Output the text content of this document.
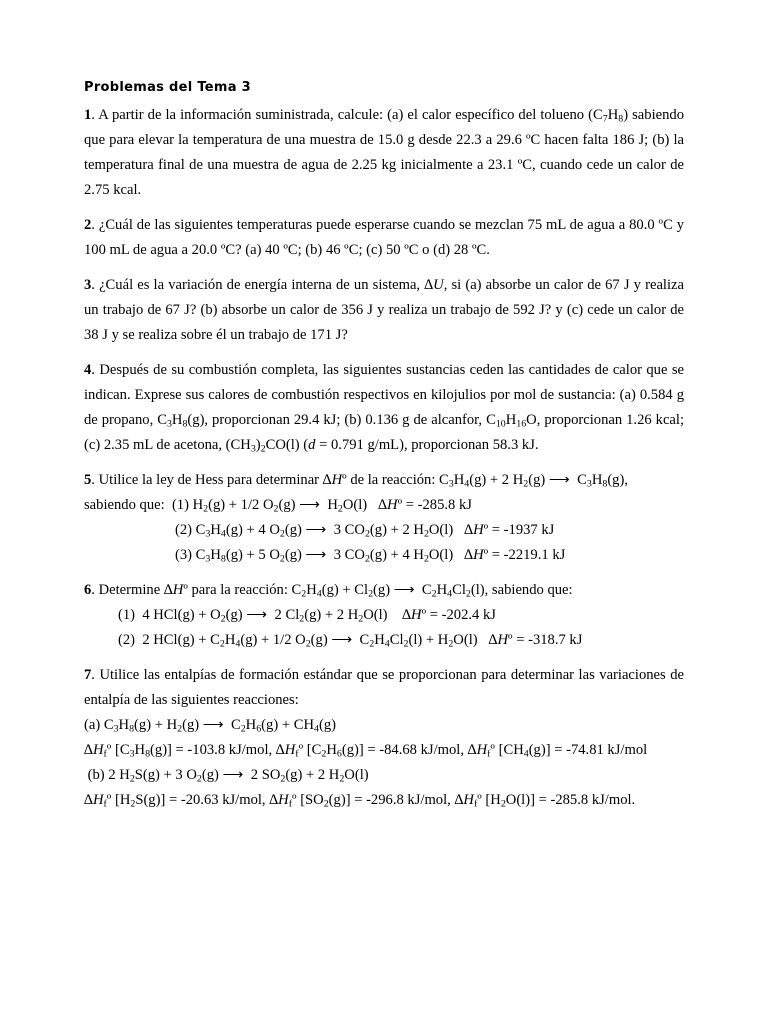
Problemas del Tema 3

1. A partir de la información suministrada, calcule: (a) el calor específico del tolueno $(C_7H_8)$ sabiendo que para elevar la temperatura de una muestra de 15.0 g desde 22.3 a 29.6 ºC hacen falta 186 J; (b) la temperatura final de una muestra de agua de 2.25 kg inicialmente a 23.1 ºC, cuando cede un calor de 2.75 kcal.

2. ¿Cuál de las siguientes temperaturas puede esperarse cuando se mezclan 75 mL de agua a 80.0 ºC y 100 mL de agua a 20.0 ºC? (a) 40 ºC; (b) 46 ºC; (c) 50 ºC o (d) 28 ºC.

3. ¿Cuál es la variación de energía interna de un sistema, ∆U, si (a) absorbe un calor de 67 J y realiza un trabajo de 67 J? (b) absorbe un calor de 356 J y realiza un trabajo de 592 J? y (c) cede un calor de 38 J y se realiza sobre él un trabajo de 171 J?

4. Después de su combustión completa, las siguientes sustancias ceden las cantidades de calor que se indican. Exprese sus calores de combustión respectivos en kilojulios por mol de sustancia: (a) 0.584 g de propano, $C_3H_8(g)$, proporcionan 29.4 kJ; (b) 0.136 g de alcanfor, $C_{10}H_{16}O$, proporcionan 1.26 kcal; (c) 2.35 mL de acetona, $(CH_3)_2CO(l) (d = 0.791$ g/mL), proporcionan 58.3 kJ.

5. Utilice la ley de Hess para determinar ∆Hº de la reacción: $C_3H_4(g) + 2$ $H_2(g)$ ⟶  $C_3H_8(g)$,
sabiendo que:  (1) $H_2(g) + 1/2$ $O_2(g)$ ⟶  $H_2O(l)$   ∆Hº = -285.8 kJ
(2) $C_3H_4(g) + 4$ $O_2(g)$ ⟶  3 $CO_2(g) + 2$ $H_2O(l)$   ∆Hº = -1937 kJ
(3) $C_3H_8(g) + 5$ $O_2(g)$ ⟶  3 $CO_2(g) + 4$ $H_2O(l)$   ∆Hº = -2219.1 kJ
6. Determine ∆Hº para la reacción: $C_2H_4(g) + Cl_2(g)$ ⟶  $C_2H_4Cl_2(l)$, sabiendo que:
(1)  4 $HCl(g) + O_2(g)$ ⟶  2 $Cl_2(g) + 2$ $H_2O(l)$    ∆Hº = -202.4 kJ
(2)  2 $HCl(g) + C_2H_4(g) + 1/2$ $O_2(g)$ ⟶  $C_2H_4Cl_2(l) + H_2O(l)$   ∆Hº = -318.7 kJ
7. Utilice las entalpías de formación estándar que se proporcionan para determinar las variaciones de entalpía de las siguientes reacciones:
(a) $C_3H_8(g) + H_2(g)$ ⟶  $C_2H_6(g) + CH_4(g)$
$\Delta H_fº$ $[C_3H_8(g)] = -103.8$ kJ/mol, $\Delta H_fº$ $[C_2H_6(g)] = -84.68$ kJ/mol, $\Delta H_fº$ $[CH_4(g)] = -74.81$ kJ/mol
(b) 2 $H_2S(g) + 3$ $O_2(g)$ ⟶  2 $SO_2(g) + 2$ $H_2O(l)$
$\Delta H_fº$ $[H_2S(g)] = -20.63$ kJ/mol, $\Delta H_fº$ $[SO_2(g)] = -296.8$ kJ/mol, $\Delta H_fº$ $[H_2O(l)] = -285.8$ kJ/mol.
